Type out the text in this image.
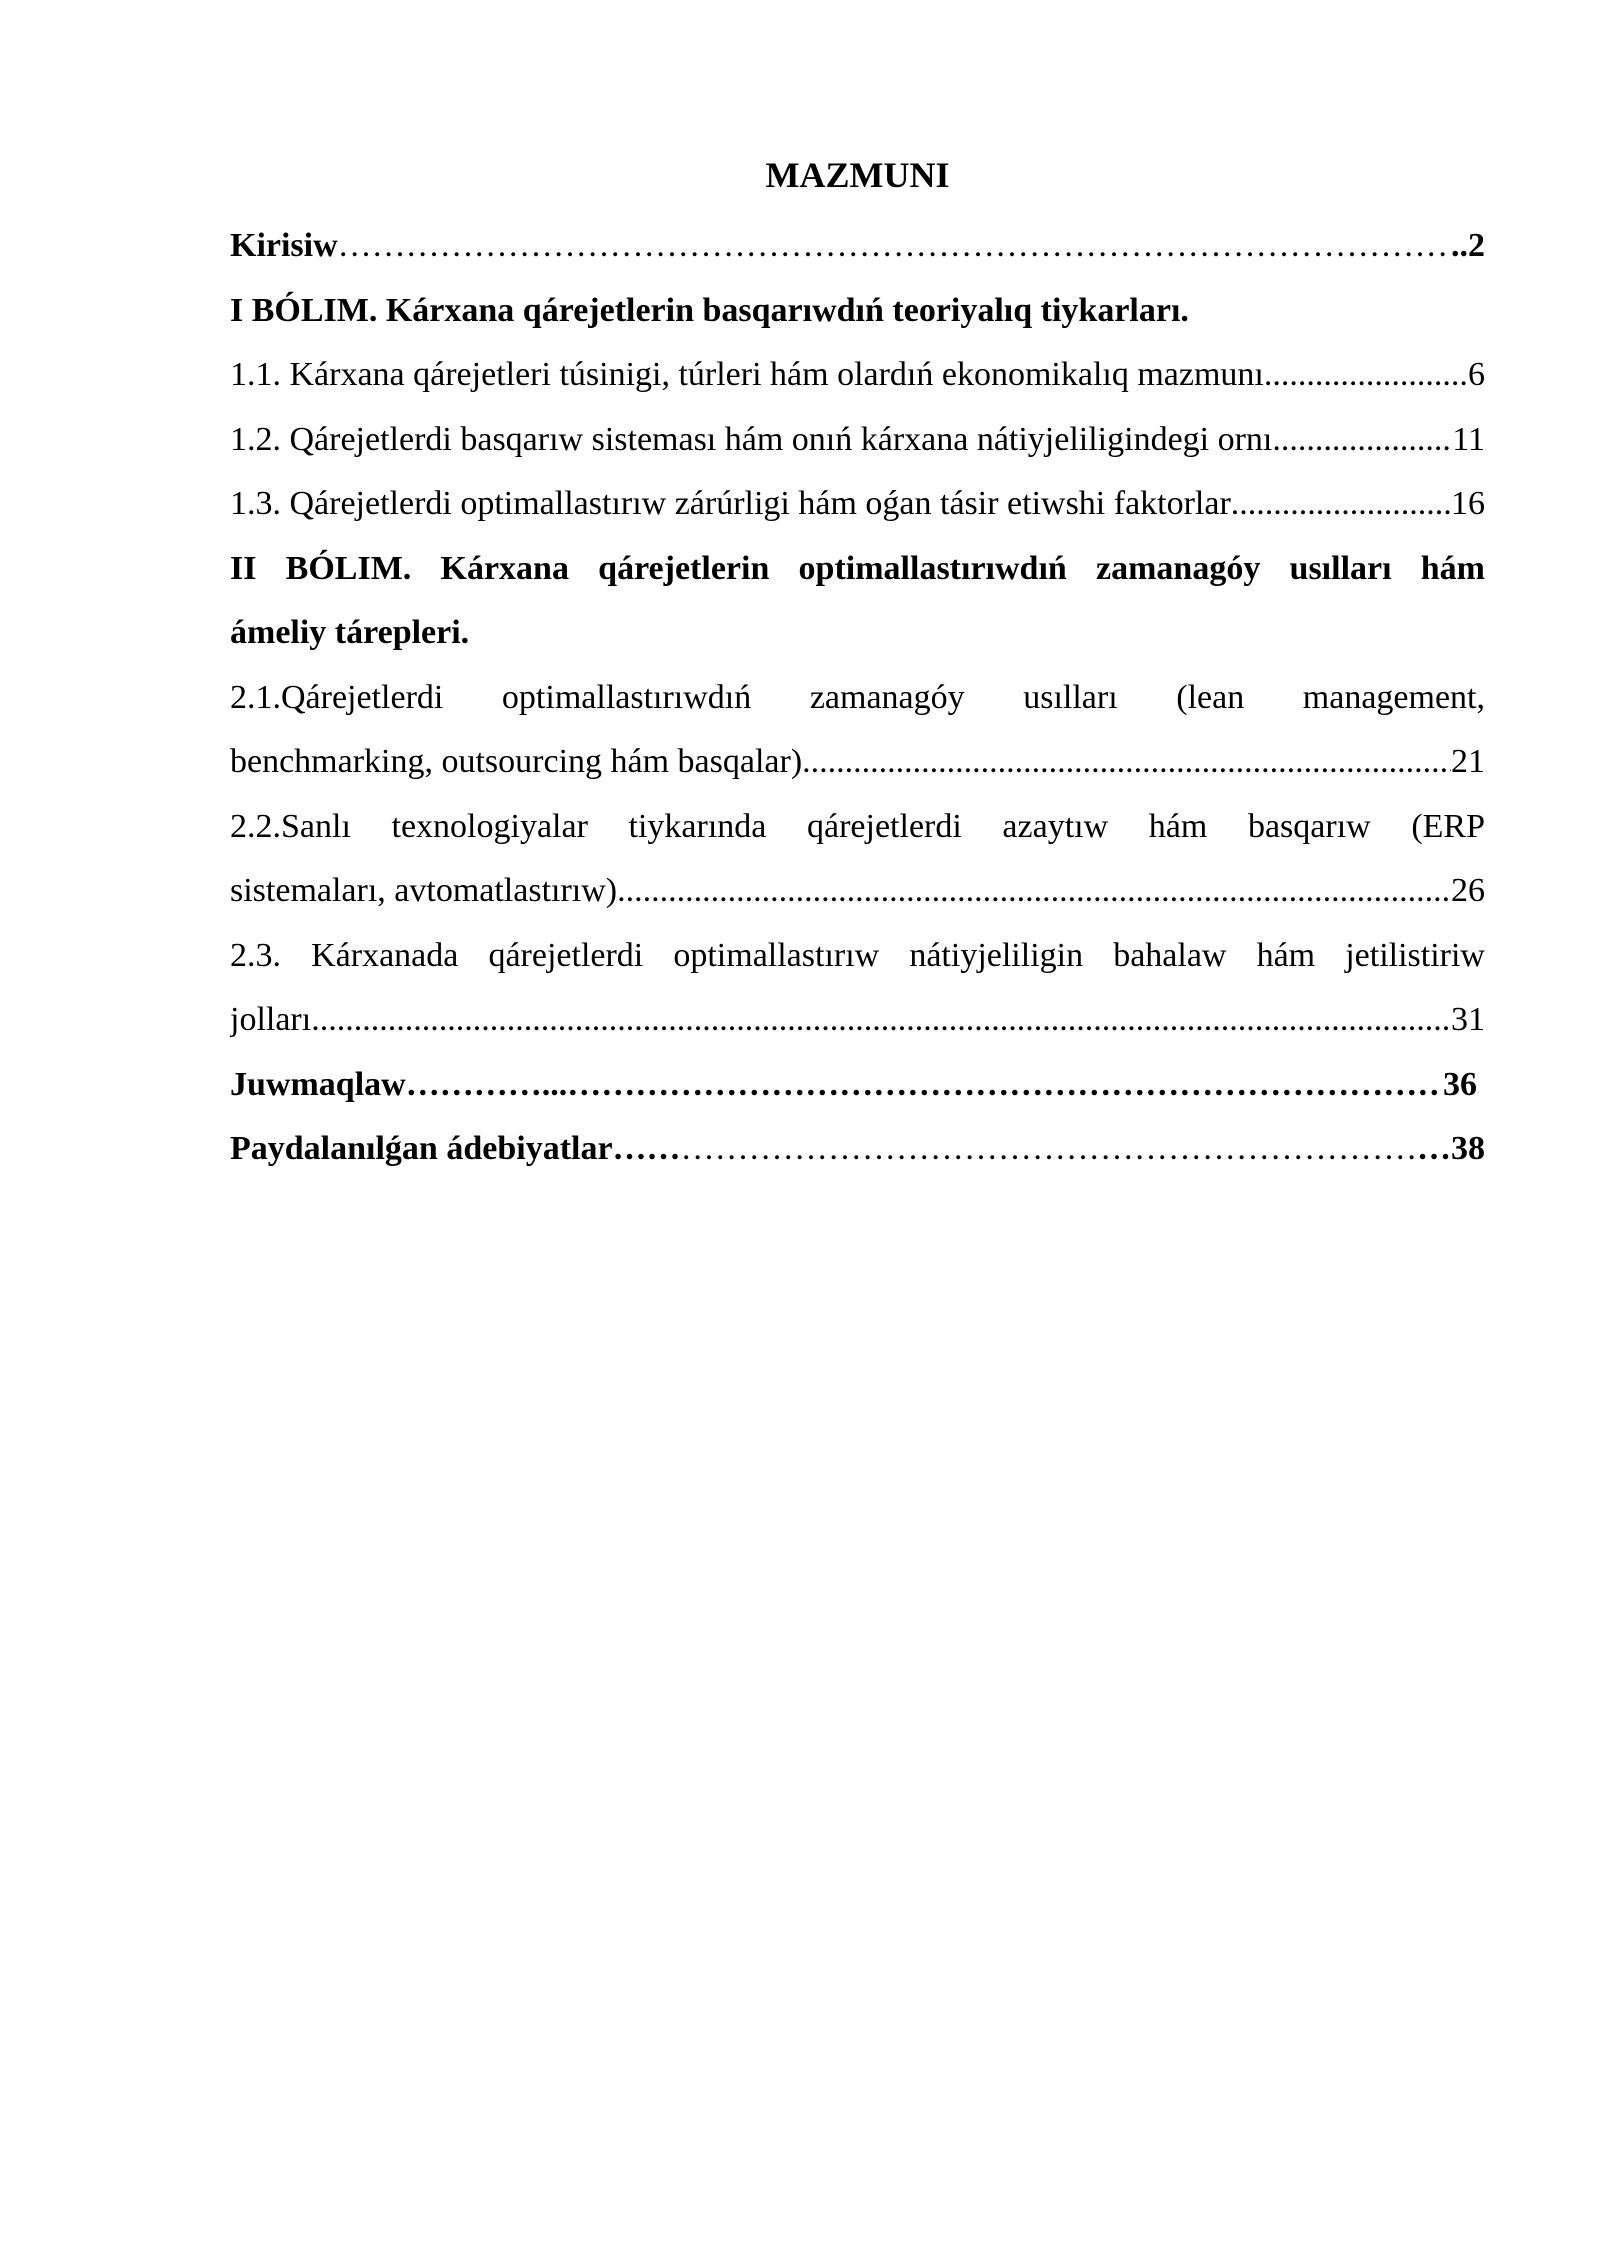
MAZMUNI
Kirisiw …………………………………………………………………………………………………………………………………………………………………………………………………………………	..2
I BÓLIM. Kárxana qárejetlerin basqarıwdıń teoriyalıq tiykarları.
1.1. Kárxana qárejetleri túsinigi, túrleri hám olardıń ekonomikalıq mazmunı .....	6
1.2. Qárejetlerdi basqarıw sisteması hám onıń kárxana nátiyjeliligindegi ornı .....	11
1.3. Qárejetlerdi optimallastırıw zárúrligi hám oǵan tásir etiwshi faktorlar .....	16
II BÓLIM. Kárxana qárejetlerin optimallastırıwdıń zamanagóy usılları hám
ámeliy tárepleri.
2.1.Qárejetlerdi optimallastırıwdıń zamanagóy usılları (lean management,
benchmarking, outsourcing hám basqalar). .....	21
2.2.Sanlı texnologiyalar tiykarında qárejetlerdi azaytıw hám basqarıw (ERP
sistemaları, avtomatlastırıw) .....	26
2.3. Kárxanada qárejetlerdi optimallastırıw nátiyjeliligin bahalaw hám jetilistiriw
jolları .....	31
Juwmaqlaw…………... …………………………………………………………………………………………………………………………………………………………………………………………………………………	36
Paydalanılǵan ádebiyatlar…… …………………………………………………………………………………………………………………………………………………………………………………………………………………	…38
